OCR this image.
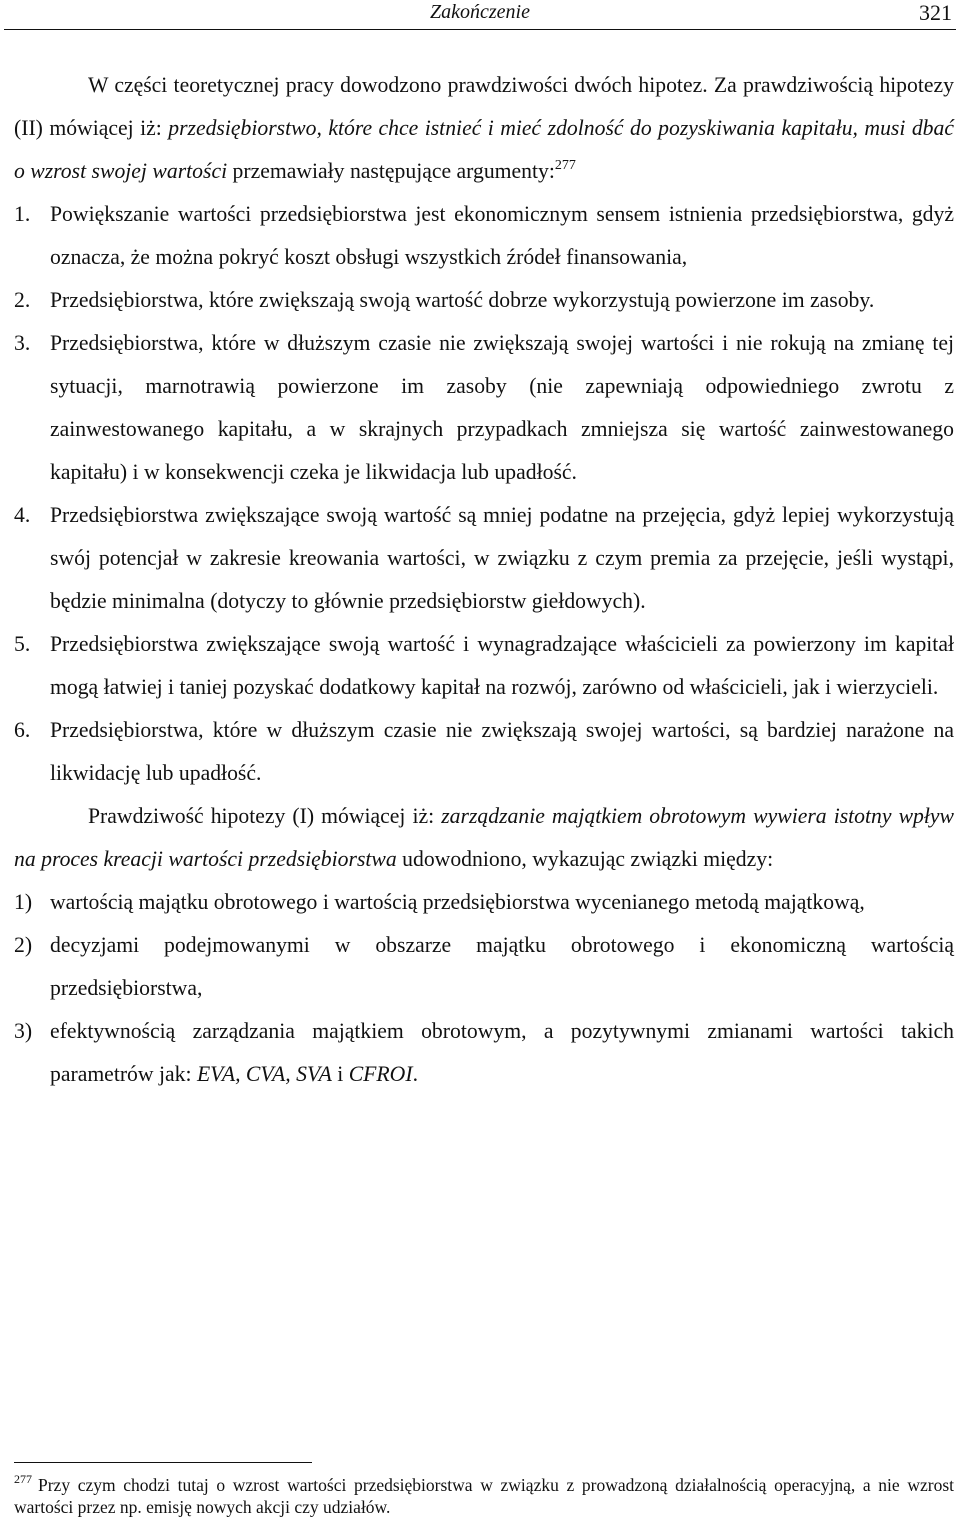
Zakończenie	321

W części teoretycznej pracy dowodzono prawdziwości dwóch hipotez. Za prawdziwością hipotezy (II) mówiącej iż: przedsiębiorstwo, które chce istnieć i mieć zdolność do pozyskiwania kapitału, musi dbać o wzrost swojej wartości przemawiały następujące argumenty:$^{277}$

1. Powiększanie wartości przedsiębiorstwa jest ekonomicznym sensem istnienia przedsiębiorstwa, gdyż oznacza, że można pokryć koszt obsługi wszystkich źródeł finansowania,
2. Przedsiębiorstwa, które zwiększają swoją wartość dobrze wykorzystują powierzone im zasoby.
3. Przedsiębiorstwa, które w dłuższym czasie nie zwiększają swojej wartości i nie rokują na zmianę tej sytuacji, marnotrawią powierzone im zasoby (nie zapewniają odpowiedniego zwrotu z zainwestowanego kapitału, a w skrajnych przypadkach zmniejsza się wartość zainwestowanego kapitału) i w konsekwencji czeka je likwidacja lub upadłość.
4. Przedsiębiorstwa zwiększające swoją wartość są mniej podatne na przejęcia, gdyż lepiej wykorzystują swój potencjał w zakresie kreowania wartości, w związku z czym premia za przejęcie, jeśli wystąpi, będzie minimalna (dotyczy to głównie przedsiębiorstw giełdowych).
5. Przedsiębiorstwa zwiększające swoją wartość i wynagradzające właścicieli za powierzony im kapitał mogą łatwiej i taniej pozyskać dodatkowy kapitał na rozwój, zarówno od właścicieli, jak i wierzycieli.
6. Przedsiębiorstwa, które w dłuższym czasie nie zwiększają swojej wartości, są bardziej narażone na likwidację lub upadłość.

Prawdziwość hipotezy (I) mówiącej iż: zarządzanie majątkiem obrotowym wywiera istotny wpływ na proces kreacji wartości przedsiębiorstwa udowodniono, wykazując związki między:

1) wartością majątku obrotowego i wartością przedsiębiorstwa wycenianego metodą majątkową,
2) decyzjami podejmowanymi w obszarze majątku obrotowego i ekonomiczną wartością przedsiębiorstwa,
3) efektywnością zarządzania majątkiem obrotowym, a pozytywnymi zmianami wartości takich parametrów jak: EVA, CVA, SVA i CFROI.

$^{277}$ Przy czym chodzi tutaj o wzrost wartości przedsiębiorstwa w związku z prowadzoną działalnością operacyjną, a nie wzrost wartości przez np. emisję nowych akcji czy udziałów.
